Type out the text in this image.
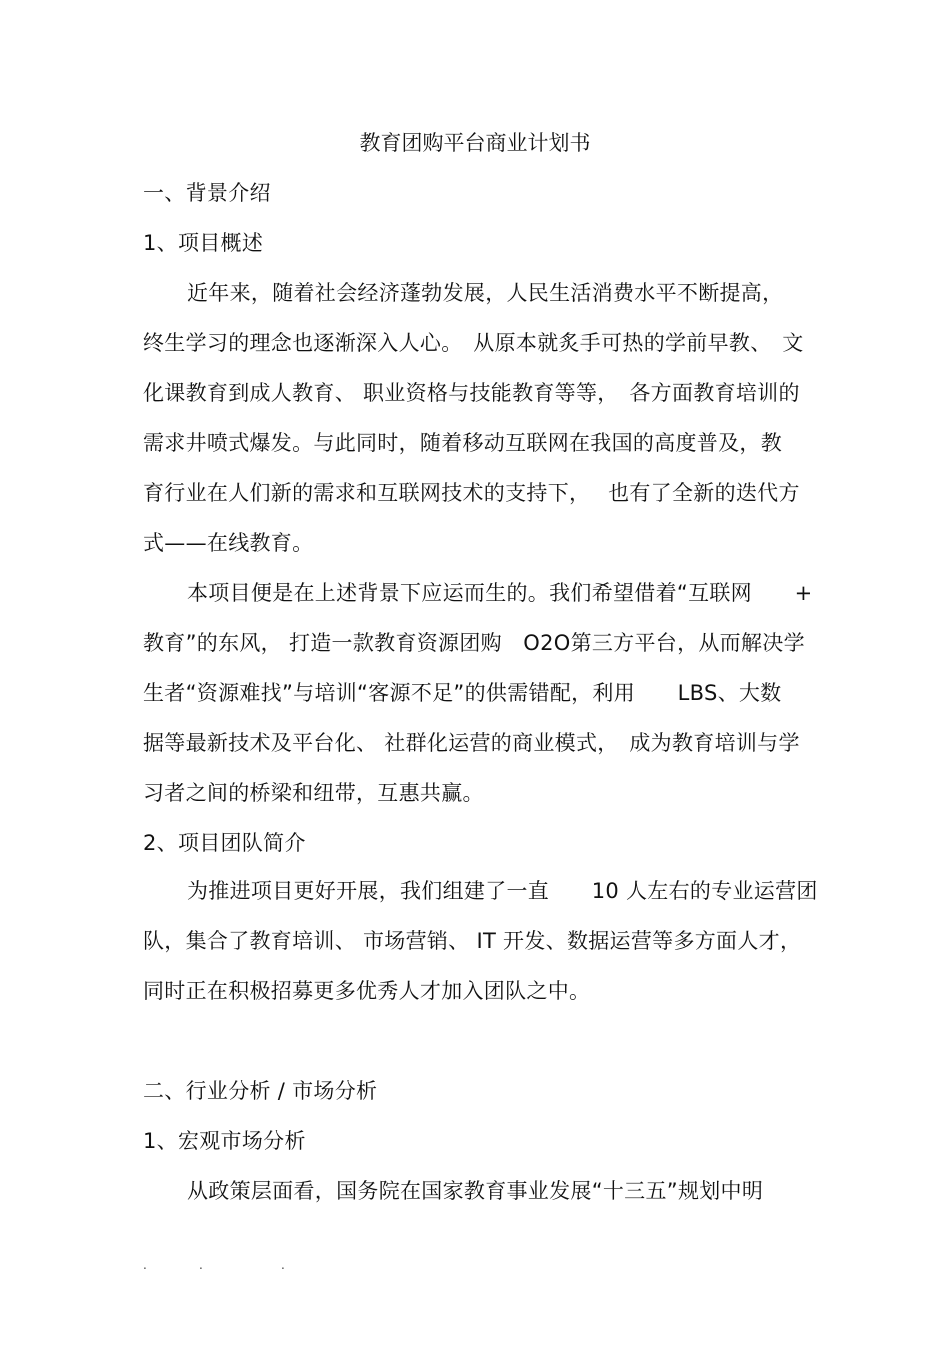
教育团购平台商业计划书
一、背景介绍
1、项目概述
近年来，随着社会经济蓬勃发展，人民生活消费水平不断提高，
终生学习的理念也逐渐深入人心。　从原本就炙手可热的学前早教、　文
化课教育到成人教育、 职业资格与技能教育等等，　各方面教育培训的
需求井喷式爆发。与此同时，随着移动互联网在我国的高度普及，教
育行业在人们新的需求和互联网技术的支持下，　 也有了全新的迭代方
式——在线教育。
本项目便是在上述背景下应运而生的。我们希望借着“互联网　　+
教育”的东风， 打造一款教育资源团购　O2O第三方平台，从而解决学
生者“资源难找”与培训“客源不足”的供需错配，利用　　LBS、大数
据等最新技术及平台化、 社群化运营的商业模式，　成为教育培训与学
习者之间的桥梁和纽带，互惠共赢。
2、项目团队简介
为推进项目更好开展，我们组建了一直　　10 人左右的专业运营团
队，集合了教育培训、 市场营销、 IT 开发、数据运营等多方面人才，
同时正在积极招募更多优秀人才加入团队之中。
二、行业分析 / 市场分析
1、宏观市场分析
从政策层面看，国务院在国家教育事业发展“十三五”规划中明
.	.	.
